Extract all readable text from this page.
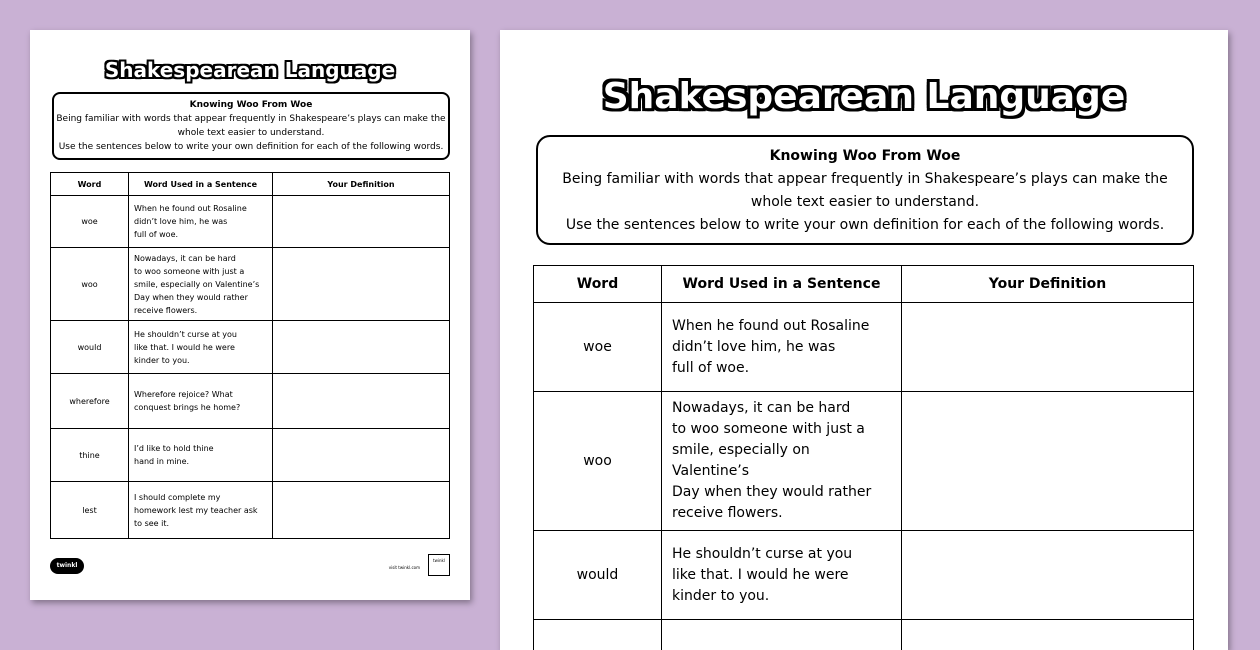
Shakespearean Language
Knowing Woo From Woe
Being familiar with words that appear frequently in Shakespeare’s plays can make the
whole text easier to understand.
Use the sentences below to write your own definition for each of the following words.
Word	Word Used in a Sentence	Your Definition
woe	When he found out Rosaline
didn’t love him, he was
full of woe.	

woo	Nowadays, it can be hard
to woo someone with just a
smile, especially on Valentine’s
Day when they would rather
receive flowers.	

would	He shouldn’t curse at you
like that. I would he were
kinder to you.	

wherefore	Wherefore rejoice? What
conquest brings he home?	

thine	I’d like to hold thine
hand in mine.	

lest	I should complete my
homework lest my teacher ask
to see it.	

twinkl	visit twinkl.com
twinkl
Shakespearean Language
Knowing Woo From Woe
Being familiar with words that appear frequently in Shakespeare’s plays can make the
whole text easier to understand.
Use the sentences below to write your own definition for each of the following words.
Word	Word Used in a Sentence	Your Definition
woe	When he found out Rosaline
didn’t love him, he was
full of woe.	

woo	Nowadays, it can be hard
to woo someone with just a
smile, especially on Valentine’s
Day when they would rather
receive flowers.	

would	He shouldn’t curse at you
like that. I would he were
kinder to you.	
